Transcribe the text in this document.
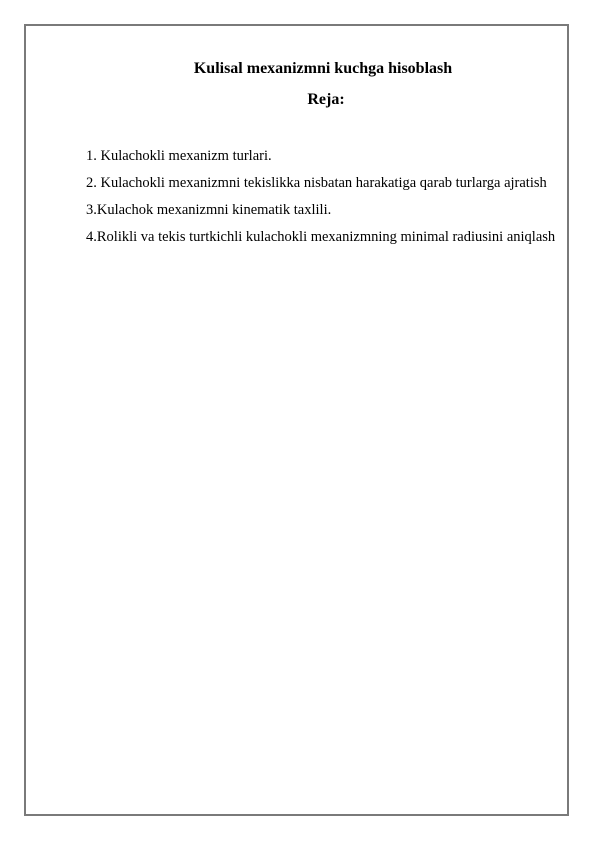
Kulisal mexanizmni kuchga hisoblash
Reja:
1. Kulachokli mexanizm turlari.
2. Kulachokli mexanizmni tekislikka nisbatan harakatiga qarab turlarga ajratish
3.Kulachok mexanizmni kinematik taxlili.
4.Rolikli va tekis turtkichli kulachokli mexanizmning minimal radiusini aniqlash
